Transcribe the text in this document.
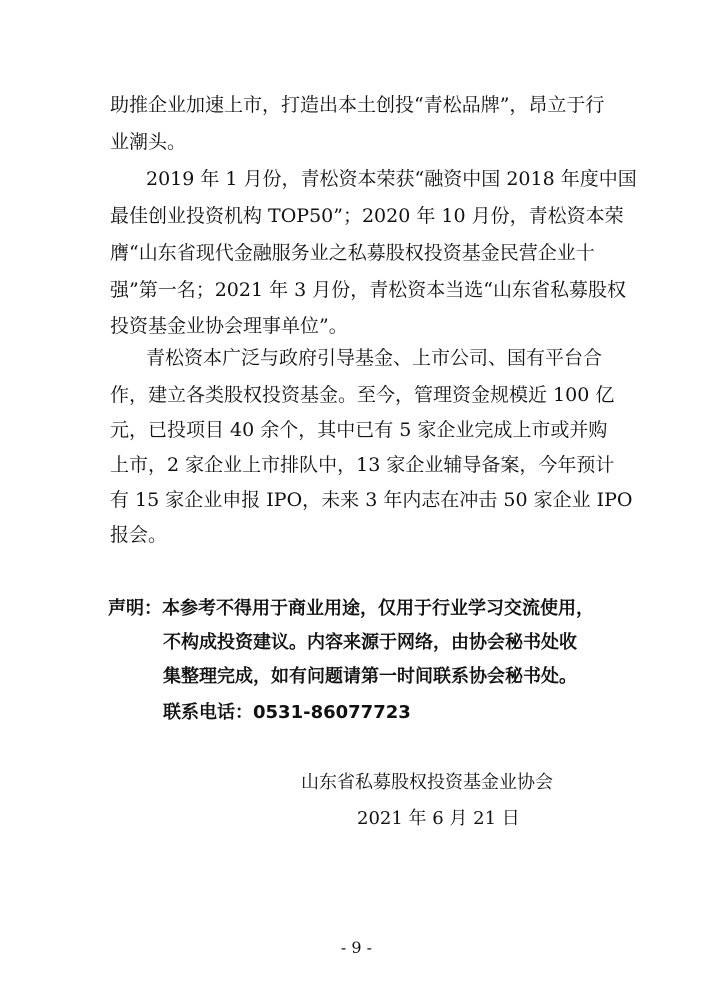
助推企业加速上市，打造出本土创投“青松品牌”，昂立于行
业潮头。
2019 年 1 月份，青松资本荣获“融资中国 2018 年度中国
最佳创业投资机构 TOP50”；2020 年 10 月份，青松资本荣
膺“山东省现代金融服务业之私募股权投资基金民营企业十
强”第一名；2021 年 3 月份，青松资本当选“山东省私募股权
投资基金业协会理事单位”。
青松资本广泛与政府引导基金、上市公司、国有平台合
作，建立各类股权投资基金。至今，管理资金规模近 100 亿
元，已投项目 40 余个，其中已有 5 家企业完成上市或并购
上市，2 家企业上市排队中，13 家企业辅导备案，今年预计
有 15 家企业申报 IPO，未来 3 年内志在冲击 50 家企业 IPO
报会。
声明：本参考不得用于商业用途，仅用于行业学习交流使用，
不构成投资建议。内容来源于网络，由协会秘书处收
集整理完成，如有问题请第一时间联系协会秘书处。
联系电话：0531-86077723
山东省私募股权投资基金业协会
2021 年 6 月 21 日
- 9 -
